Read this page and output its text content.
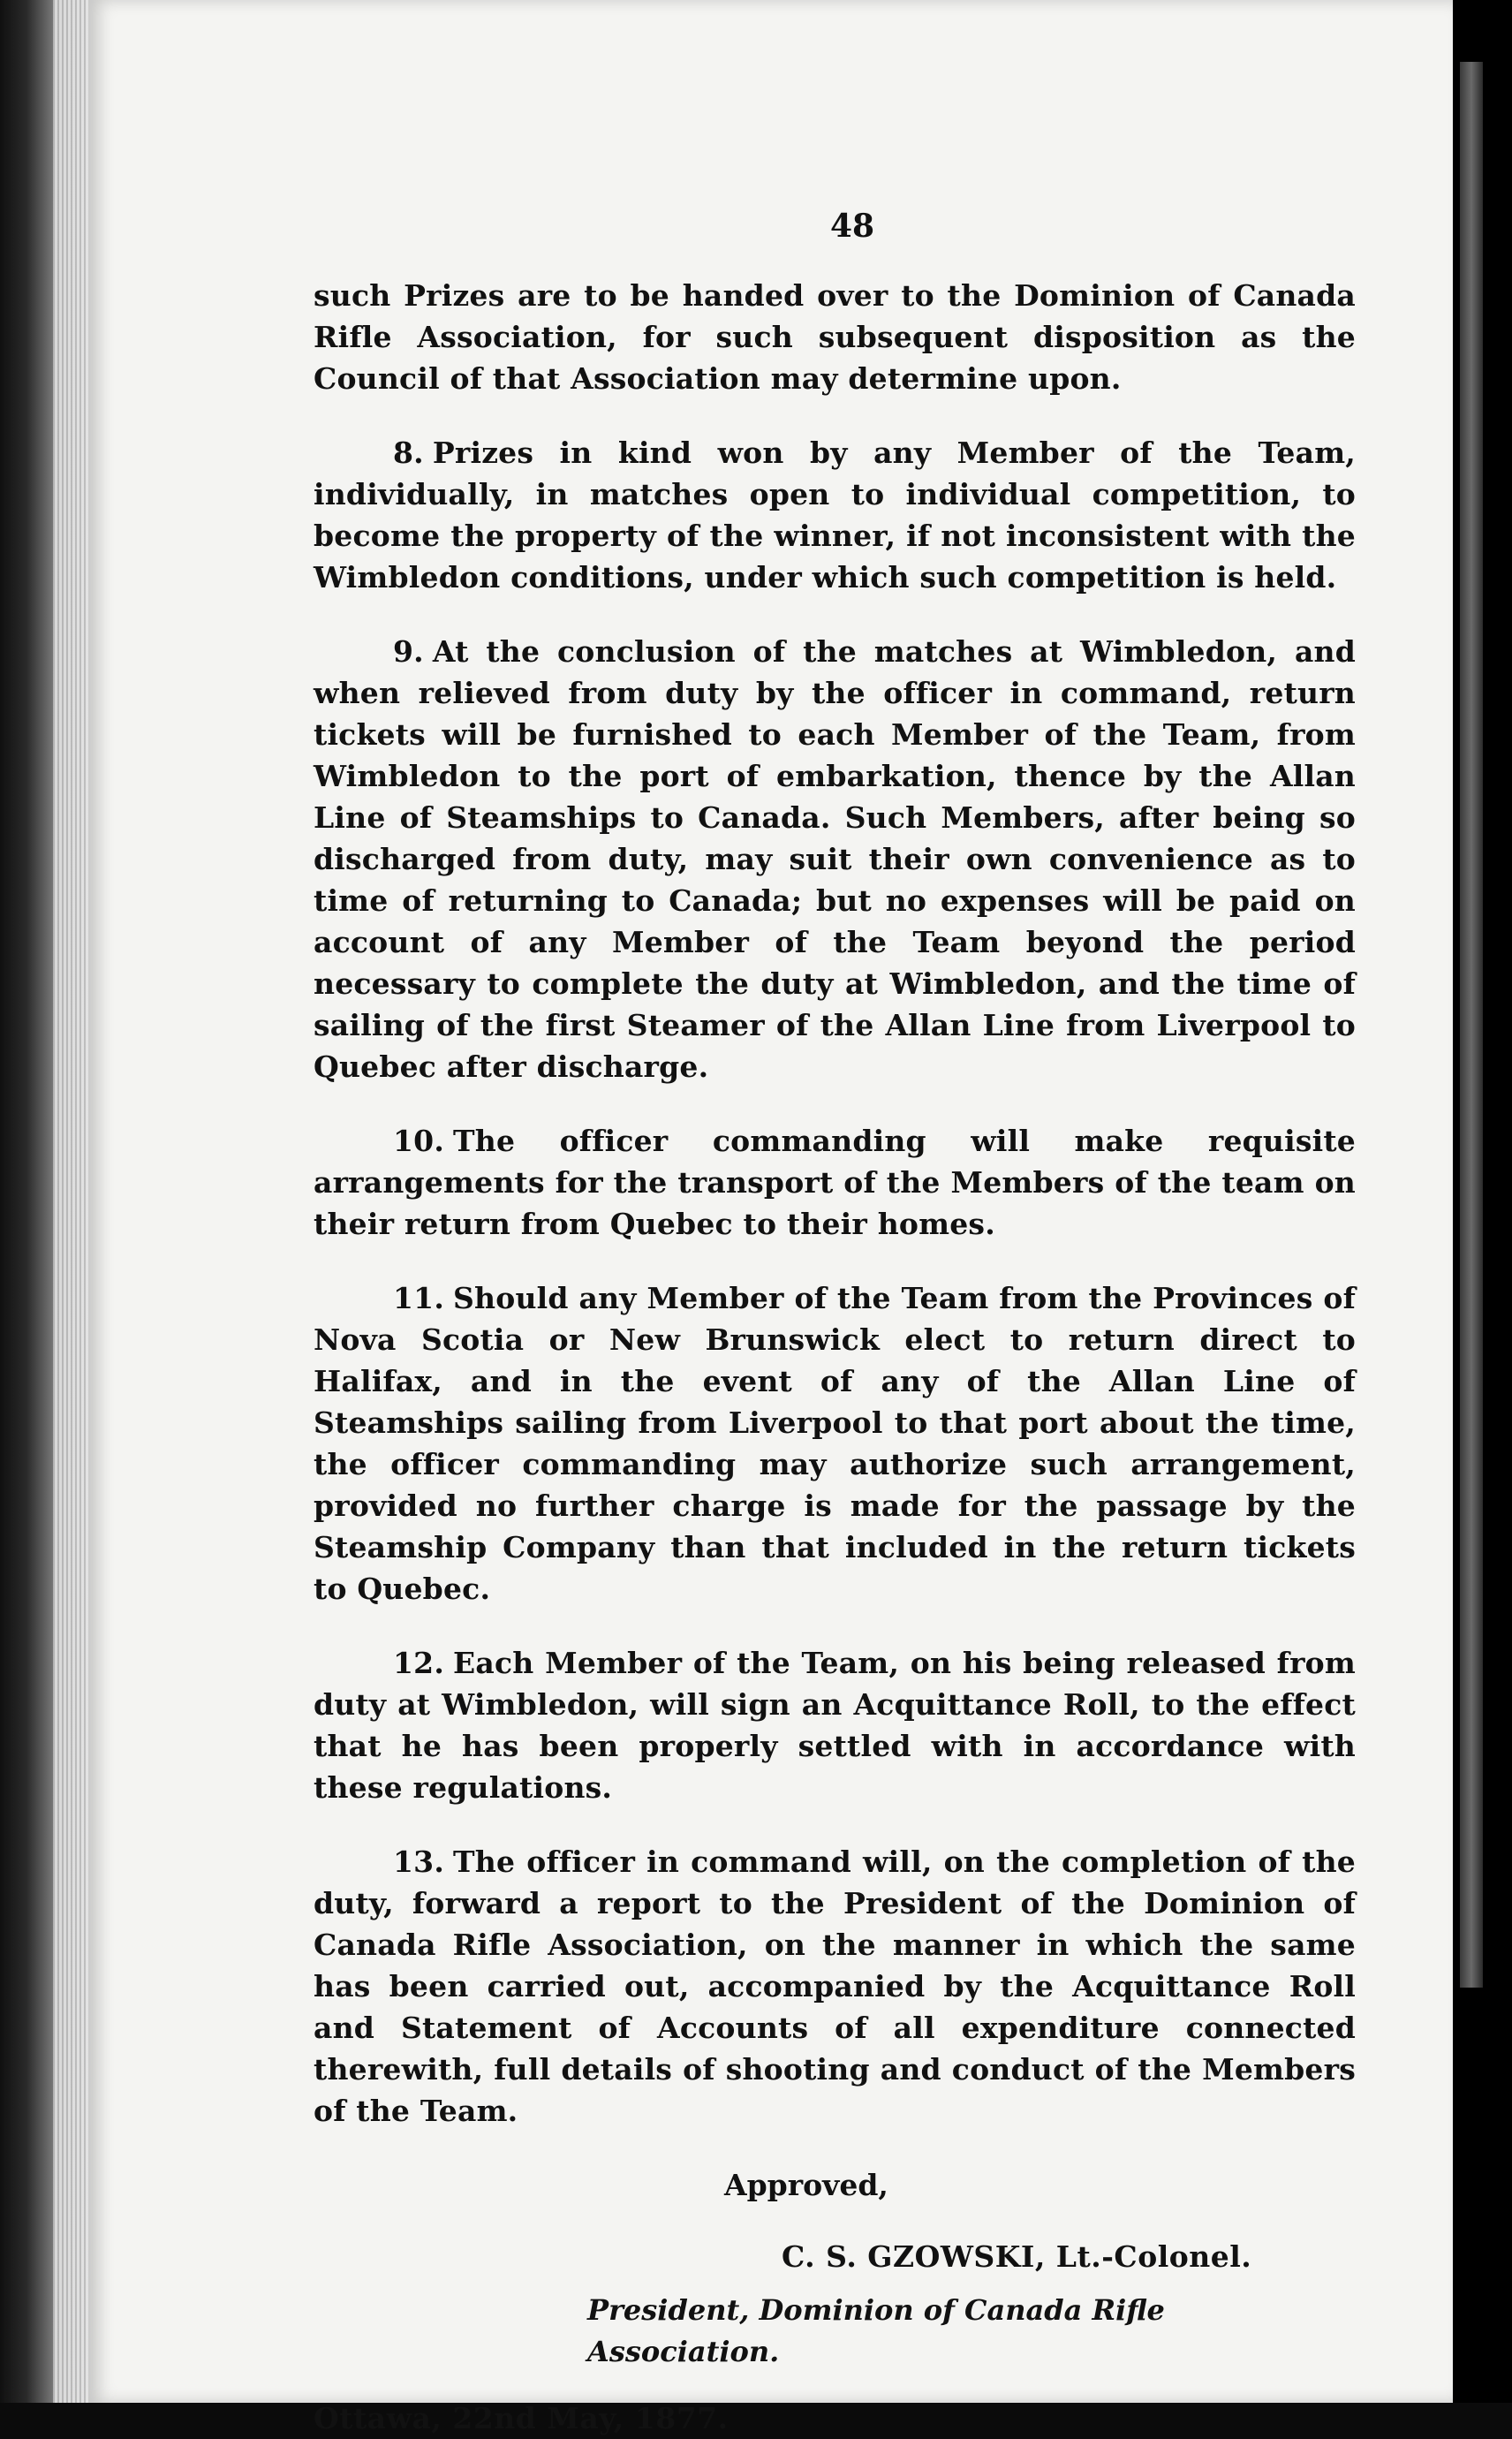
48

such Prizes are to be handed over to the Dominion of Canada Rifle Association, for such subsequent disposition as the Council of that Association may determine upon.

8. Prizes in kind won by any Member of the Team, individually, in matches open to individual competition, to become the property of the winner, if not inconsistent with the Wimbledon conditions, under which such competition is held.

9. At the conclusion of the matches at Wimbledon, and when relieved from duty by the officer in command, return tickets will be furnished to each Member of the Team, from Wimbledon to the port of embarkation, thence by the Allan Line of Steamships to Canada. Such Members, after being so discharged from duty, may suit their own convenience as to time of returning to Canada; but no expenses will be paid on account of any Member of the Team beyond the period necessary to complete the duty at Wimbledon, and the time of sailing of the first Steamer of the Allan Line from Liverpool to Quebec after discharge.

10. The officer commanding will make requisite arrangements for the transport of the Members of the team on their return from Quebec to their homes.

11. Should any Member of the Team from the Provinces of Nova Scotia or New Brunswick elect to return direct to Halifax, and in the event of any of the Allan Line of Steamships sailing from Liverpool to that port about the time, the officer commanding may authorize such arrangement, provided no further charge is made for the passage by the Steamship Company than that included in the return tickets to Quebec.

12. Each Member of the Team, on his being released from duty at Wimbledon, will sign an Acquittance Roll, to the effect that he has been properly settled with in accordance with these regulations.

13. The officer in command will, on the completion of the duty, forward a report to the President of the Dominion of Canada Rifle Association, on the manner in which the same has been carried out, accompanied by the Acquittance Roll and Statement of Accounts of all expenditure connected therewith, full details of shooting and conduct of the Members of the Team.

Approved,
C. S. GZOWSKI, Lt.-Colonel.
President, Dominion of Canada Rifle Association.
Ottawa, 22nd May, 1877.
